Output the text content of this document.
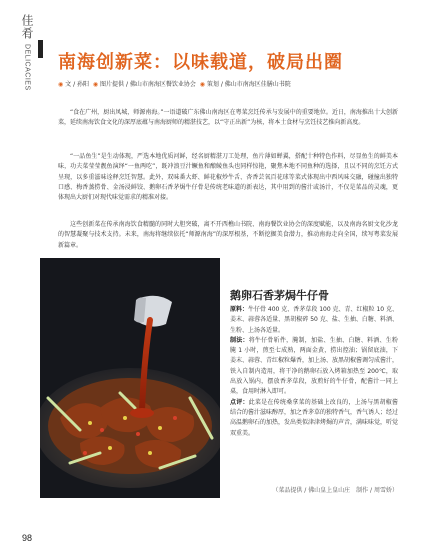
佳肴
DELICACIES 南海创新菜：以味载道，破局出圈
◉ 文 / 孙阳 ◉ 图片提供 / 佛山市南海区餐饮业协会 ◉ 策划 / 佛山市南海区佳膳山书院

“食在广州，厨出凤城，师源南海。”一语道破广东佛山南海区在粤菜烹饪传承与发展中的重要地位。近日，南海推出十大创新菜，延续南海饮食文化的深厚底蕴与南海厨师的精湛技艺，以“守正出新”为核，将本土食材与烹饪技艺推向新高度。

“一品鱼生”是生动体现，严选本地优质河鲜，经名厨精湛刀工处理，鱼片薄如蝉翼，搭配十种特色作料，尽显鱼生的鲜美本味，功夫菜莹莹靓鱼演绎“一鱼两吃”，既冲浪豆汁鳜鱼和酿鲮鱼头也同样惊艳，聚焦本地不同鱼种的选择，且以不同的烹饪方式呈现，以多重滋味诠释烹饪智慧。此外，双味番大虾、鲜花椒炒牛舌、杏香芸氧百花球等菜式体现出中西风味交融，碰撞出独特口感、梅香蒸捞骨、金汤浸鲜饺、鹅卵石香茅焗牛仔骨是传统老味道的新表达，其中用到的酱汁或汤汁，不仅是菜品的灵魂，更体现出大厨们对现代味觉需求的精准对接。

这些创新菜在传承南海饮食精髓的同时大胆突破，离不开西樵山书院、南海餐饮业协会的深度赋能，以及南海名厨文化沙龙的智慧凝聚与技术支持。未来，南海将继续依托“师源南海”的深厚根基，不断挖掘美食潜力，推动南海走向全国，续写粤菜发展新篇章。

鹅卵石香茅焗牛仔骨
原料：牛仔骨 400 克、香茅草段 100 克、青、红椒粒 10 克、姜末、蒜蓉各适量、黑胡椒碎 50 克、盐、生抽、白糖、料酒、生粉、上汤各适量。
制法：将牛仔骨斩件，腌制，加盐、生抽、白糖、料酒、生粉腌 1 小时，煎至七成熟，两面金黄，捞出控油；锅留底油，下姜末、蒜蓉、青红椒粒爆香，加上汤、放黑胡椒酱调匀成酱汁，铁入自制内造用，将干净的鹅卵石放入烤箱加热至 200℃，取出放入锅内，摆放香茅草段，放煎好的牛仔骨，配酱汁一同上桌，食用时淋入即可。
点评：此菜是在传统桑拿菜的基础上改良的，上汤与黑胡椒酱结合的酱汁滋味醇厚，加之香茅草的独特香气，香气诱人；经过高温鹅卵石的加热，发出类似津津烤焗的声音，满味味觉，听觉双重美。
（菜品提供 / 佛山皇上皇山庄　制作 / 周雪娇）
98
